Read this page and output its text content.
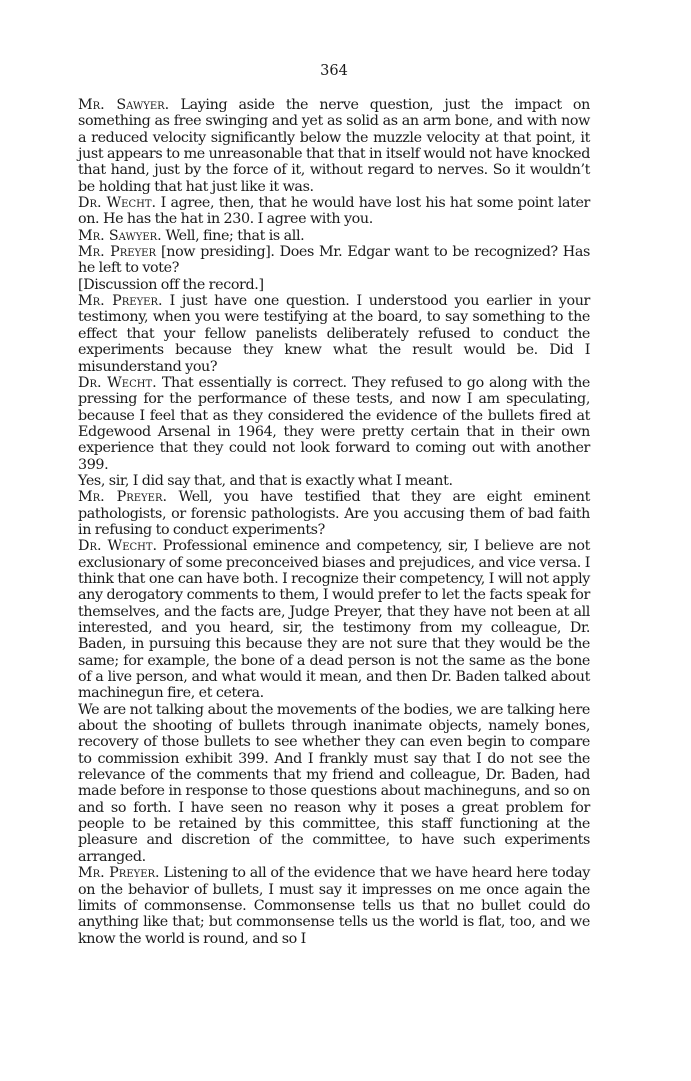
364

Mr. Sawyer. Laying aside the nerve question, just the impact on something as free swinging and yet as solid as an arm bone, and with now a reduced velocity significantly below the muzzle velocity at that point, it just appears to me unreasonable that that in itself would not have knocked that hand, just by the force of it, without regard to nerves. So it wouldn’t be holding that hat just like it was.

Dr. Wecht. I agree, then, that he would have lost his hat some point later on. He has the hat in 230. I agree with you.

Mr. Sawyer. Well, fine; that is all.

Mr. Preyer [now presiding]. Does Mr. Edgar want to be recognized? Has he left to vote?

[Discussion off the record.]

Mr. Preyer. I just have one question. I understood you earlier in your testimony, when you were testifying at the board, to say something to the effect that your fellow panelists deliberately refused to conduct the experiments because they knew what the result would be. Did I misunderstand you?

Dr. Wecht. That essentially is correct. They refused to go along with the pressing for the performance of these tests, and now I am speculating, because I feel that as they considered the evidence of the bullets fired at Edgewood Arsenal in 1964, they were pretty certain that in their own experience that they could not look forward to coming out with another 399.

Yes, sir, I did say that, and that is exactly what I meant.

Mr. Preyer. Well, you have testified that they are eight eminent pathologists, or forensic pathologists. Are you accusing them of bad faith in refusing to conduct experiments?

Dr. Wecht. Professional eminence and competency, sir, I believe are not exclusionary of some preconceived biases and prejudices, and vice versa. I think that one can have both. I recognize their competency, I will not apply any derogatory comments to them, I would prefer to let the facts speak for themselves, and the facts are, Judge Preyer, that they have not been at all interested, and you heard, sir, the testimony from my colleague, Dr. Baden, in pursuing this because they are not sure that they would be the same; for example, the bone of a dead person is not the same as the bone of a live person, and what would it mean, and then Dr. Baden talked about machinegun fire, et cetera.

We are not talking about the movements of the bodies, we are talking here about the shooting of bullets through inanimate objects, namely bones, recovery of those bullets to see whether they can even begin to compare to commission exhibit 399. And I frankly must say that I do not see the relevance of the comments that my friend and colleague, Dr. Baden, had made before in response to those questions about machineguns, and so on and so forth. I have seen no reason why it poses a great problem for people to be retained by this committee, this staff functioning at the pleasure and discretion of the committee, to have such experiments arranged.

Mr. Preyer. Listening to all of the evidence that we have heard here today on the behavior of bullets, I must say it impresses on me once again the limits of commonsense. Commonsense tells us that no bullet could do anything like that; but commonsense tells us the world is flat, too, and we know the world is round, and so I
